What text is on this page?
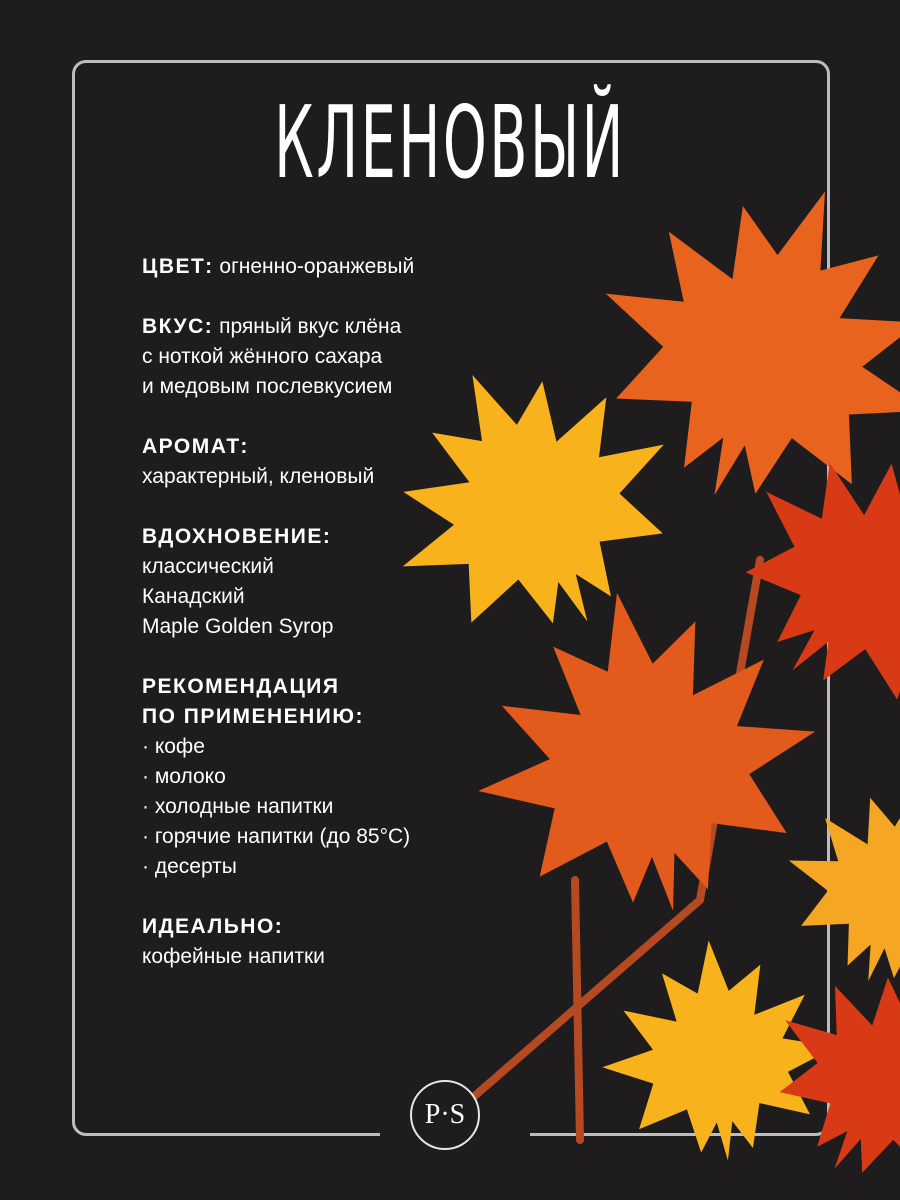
КЛЕНОВЫЙ
ЦВЕТ: огненно-оранжевый
ВКУС: пряный вкус клёна
с ноткой жённого сахара
и медовым послевкусием
АРОМАТ:
характерный, кленовый
ВДОХНОВЕНИЕ:
классический
Канадский
Maple Golden Syrop
РЕКОМЕНДАЦИЯ
ПО ПРИМЕНЕНИЮ:
· кофе
· молоко
· холодные напитки
· горячие напитки (до 85°С)
· десерты
ИДЕАЛЬНО:
кофейные напитки
P·S
